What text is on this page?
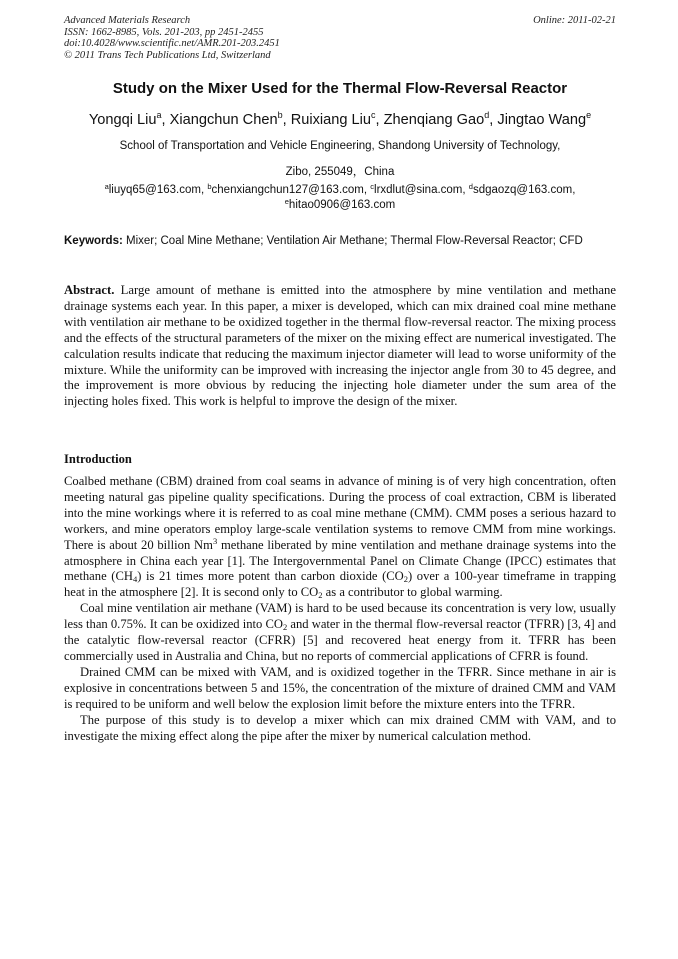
Advanced Materials Research
ISSN: 1662-8985, Vols. 201-203, pp 2451-2455
doi:10.4028/www.scientific.net/AMR.201-203.2451
© 2011 Trans Tech Publications Ltd, Switzerland
Online: 2011-02-21
Study on the Mixer Used for the Thermal Flow-Reversal Reactor
Yongqi Liu$^a$, Xiangchun Chen$^b$, Ruixiang Liu$^c$, Zhenqiang Gao$^d$, Jingtao Wang$^e$
School of Transportation and Vehicle Engineering, Shandong University of Technology,
Zibo, 255049，China
$^a$liuyq65@163.com, $^b$chenxiangchun127@163.com, $^c$lrxdlut@sina.com, $^d$sdgaozq@163.com,
$^e$hitao0906@163.com
Keywords: Mixer; Coal Mine Methane; Ventilation Air Methane; Thermal Flow-Reversal Reactor; CFD
Abstract. Large amount of methane is emitted into the atmosphere by mine ventilation and methane drainage systems each year. In this paper, a mixer is developed, which can mix drained coal mine methane with ventilation air methane to be oxidized together in the thermal flow-reversal reactor. The mixing process and the effects of the structural parameters of the mixer on the mixing effect are numerical investigated. The calculation results indicate that reducing the maximum injector diameter will lead to worse uniformity of the mixture. While the uniformity can be improved with increasing the injector angle from 30 to 45 degree, and the improvement is more obvious by reducing the injecting hole diameter under the sum area of the injecting holes fixed. This work is helpful to improve the design of the mixer.
Introduction

Coalbed methane (CBM) drained from coal seams in advance of mining is of very high concentration, often meeting natural gas pipeline quality specifications. During the process of coal extraction, CBM is liberated into the mine workings where it is referred to as coal mine methane (CMM). CMM poses a serious hazard to workers, and mine operators employ large-scale ventilation systems to remove CMM from mine workings. There is about 20 billion Nm$^3$ methane liberated by mine ventilation and methane drainage systems into the atmosphere in China each year [1]. The Intergovernmental Panel on Climate Change (IPCC) estimates that methane $(CH_4)$ is 21 times more potent than carbon dioxide $(CO_2)$ over a 100-year timeframe in trapping heat in the atmosphere [2]. It is second only to $CO_2$ as a contributor to global warming.

Coal mine ventilation air methane (VAM) is hard to be used because its concentration is very low, usually less than 0.75%. It can be oxidized into $CO_2$ and water in the thermal flow-reversal reactor (TFRR) [3, 4] and the catalytic flow-reversal reactor (CFRR) [5] and recovered heat energy from it. TFRR has been commercially used in Australia and China, but no reports of commercial applications of CFRR is found.

Drained CMM can be mixed with VAM, and is oxidized together in the TFRR. Since methane in air is explosive in concentrations between 5 and 15%, the concentration of the mixture of drained CMM and VAM is required to be uniform and well below the explosion limit before the mixture enters into the TFRR.

The purpose of this study is to develop a mixer which can mix drained CMM with VAM, and to investigate the mixing effect along the pipe after the mixer by numerical calculation method.
